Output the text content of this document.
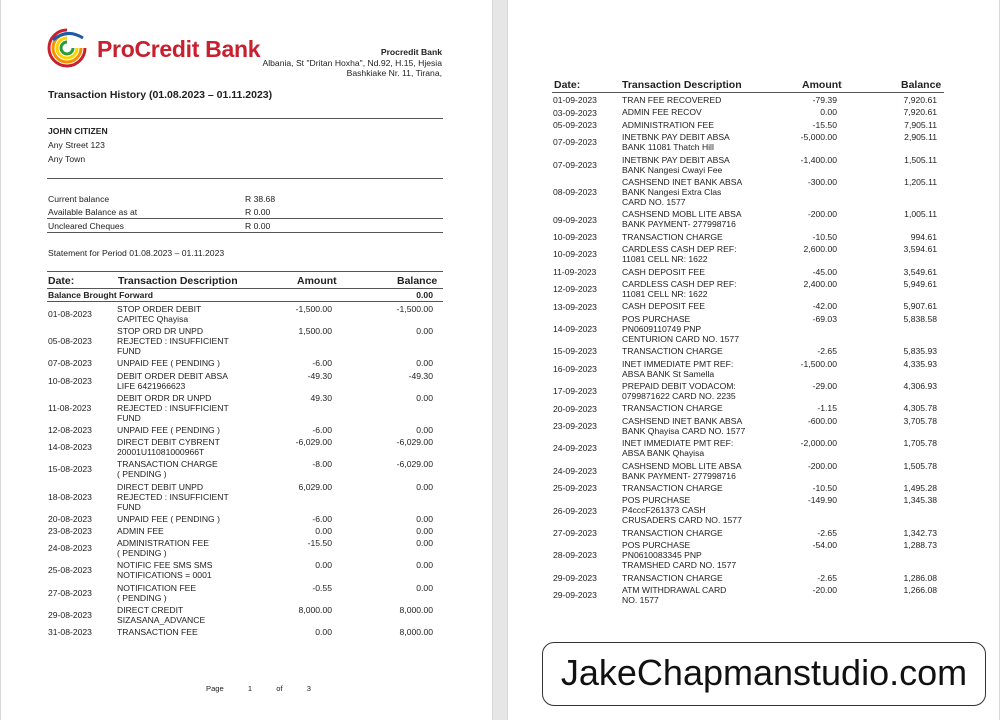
ProCredit Bank	Procredit Bank
Albania, St "Dritan Hoxha", Nd.92, H.15, Hjesia
Bashkiake Nr. 11, Tirana,
Transaction History (01.08.2023 – 01.11.2023)
JOHN CITIZEN
Any Street 123
Any Town
Current balance	R 38.68
Available Balance as at	R 0.00
Uncleared Cheques	R 0.00
Statement for Period 01.08.2023 – 01.11.2023
Date:	Transaction Description	Amount	Balance
Balance Brought Forward	0.00
01-08-2023
STOP ORDER DEBIT
CAPITEC Qhayisa
-1,500.00	-1,500.00
05-08-2023
STOP ORD DR UNPD
REJECTED : INSUFFICIENT
FUND
1,500.00	0.00
07-08-2023	UNPAID FEE ( PENDING )	-6.00	0.00
10-08-2023
DEBIT ORDER DEBIT ABSA
LIFE 6421966623
-49.30	-49.30
11-08-2023
DEBIT ORDR DR UNPD
REJECTED : INSUFFICIENT
FUND
49.30	0.00
12-08-2023	UNPAID FEE ( PENDING )	-6.00	0.00
14-08-2023
DIRECT DEBIT CYBRENT
20001U11081000966T
-6,029.00	-6,029.00
15-08-2023
TRANSACTION CHARGE
( PENDING )
-8.00	-6,029.00
18-08-2023
DIRECT DEBIT UNPD
REJECTED : INSUFFICIENT
FUND
6,029.00	0.00
20-08-2023	UNPAID FEE ( PENDING )	-6.00	0.00
23-08-2023	ADMIN FEE	0.00	0.00
24-08-2023
ADMINISTRATION FEE
( PENDING )
-15.50	0.00
25-08-2023
NOTIFIC FEE SMS SMS
NOTIFICATIONS = 0001
0.00	0.00
27-08-2023
NOTIFICATION FEE
( PENDING )
-0.55	0.00
29-08-2023
DIRECT CREDIT
SIZASANA_ADVANCE
8,000.00	8,000.00
31-08-2023	TRANSACTION FEE	0.00	8,000.00
Page	1	of	3
Date:	Transaction Description	Amount	Balance
01-09-2023	TRAN FEE RECOVERED	-79.39	7,920.61
03-09-2023	ADMIN FEE RECOV	0.00	7,920.61
05-09-2023	ADMINISTRATION FEE	-15.50	7,905.11
07-09-2023
INETBNK PAY DEBIT ABSA
BANK 11081 Thatch Hill
-5,000.00	2,905.11
07-09-2023
INETBNK PAY DEBIT ABSA
BANK Nangesi Cwayi Fee
-1,400.00	1,505.11
08-09-2023
CASHSEND INET BANK ABSA
BANK Nangesi Extra Clas
CARD NO. 1577
-300.00	1,205.11
09-09-2023
CASHSEND MOBL LITE ABSA
BANK PAYMENT- 277998716
-200.00	1,005.11
10-09-2023	TRANSACTION CHARGE	-10.50	994.61
10-09-2023
CARDLESS CASH DEP REF:
11081 CELL NR: 1622
2,600.00	3,594.61
11-09-2023	CASH DEPOSIT FEE	-45.00	3,549.61
12-09-2023
CARDLESS CASH DEP REF:
11081 CELL NR: 1622
2,400.00	5,949.61
13-09-2023	CASH DEPOSIT FEE	-42.00	5,907.61
14-09-2023
POS PURCHASE
PN0609110749 PNP
CENTURION CARD NO. 1577
-69.03	5,838.58
15-09-2023	TRANSACTION CHARGE	-2.65	5,835.93
16-09-2023
INET IMMEDIATE PMT REF:
ABSA BANK St Samella
-1,500.00	4,335.93
17-09-2023
PREPAID DEBIT VODACOM:
0799871622 CARD NO. 2235
-29.00	4,306.93
20-09-2023	TRANSACTION CHARGE	-1.15	4,305.78
23-09-2023
CASHSEND INET BANK ABSA
BANK Qhayisa CARD NO. 1577
-600.00	3,705.78
24-09-2023
INET IMMEDIATE PMT REF:
ABSA BANK Qhayisa
-2,000.00	1,705.78
24-09-2023
CASHSEND MOBL LITE ABSA
BANK PAYMENT- 277998716
-200.00	1,505.78
25-09-2023	TRANSACTION CHARGE	-10.50	1,495.28
26-09-2023
POS PURCHASE
P4cccF261373 CASH
CRUSADERS CARD NO. 1577
-149.90	1,345.38
27-09-2023	TRANSACTION CHARGE	-2.65	1,342.73
28-09-2023
POS PURCHASE
PN0610083345 PNP
TRAMSHED CARD NO. 1577
-54.00	1,288.73
29-09-2023	TRANSACTION CHARGE	-2.65	1,286.08
29-09-2023
ATM WITHDRAWAL CARD
NO. 1577
-20.00	1,266.08
JakeChapmanstudio.com
